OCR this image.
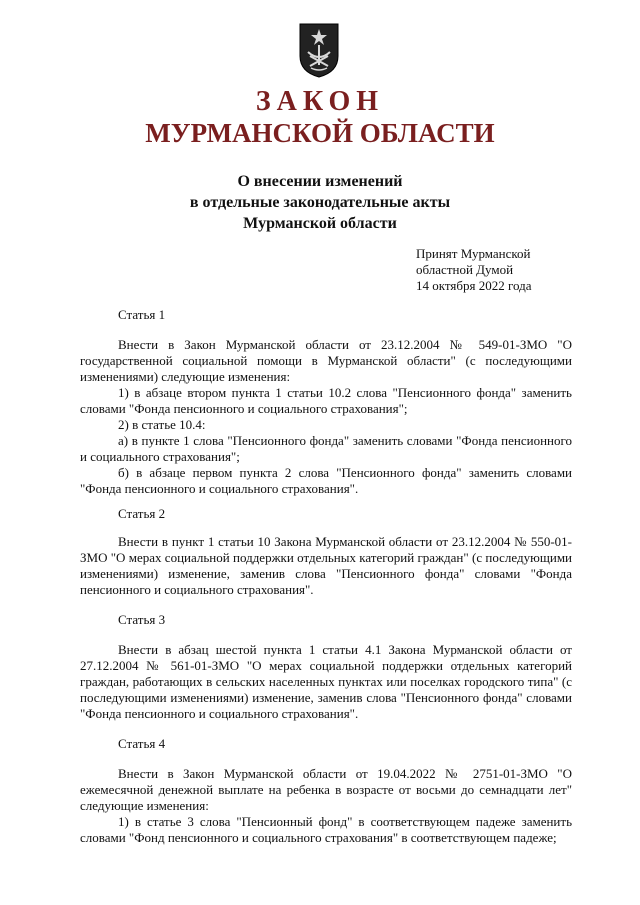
ЗАКОН
МУРМАНСКОЙ ОБЛАСТИ
О внесении изменений
в отдельные законодательные акты
Мурманской области
Принят Мурманской
областной Думой
14 октября 2022 года
Статья 1

Внести в Закон Мурманской области от 23.12.2004 № 549-01-ЗМО "О государственной социальной помощи в Мурманской области" (с последующими изменениями) следующие изменения:

1) в абзаце втором пункта 1 статьи 10.2 слова "Пенсионного фонда" заменить словами "Фонда пенсионного и социального страхования";

2) в статье 10.4:

а) в пункте 1 слова "Пенсионного фонда" заменить словами "Фонда пенсионного и социального страхования";

б) в абзаце первом пункта 2 слова "Пенсионного фонда" заменить словами "Фонда пенсионного и социального страхования".

Статья 2

Внести в пункт 1 статьи 10 Закона Мурманской области от 23.12.2004 № 550-01-ЗМО "О мерах социальной поддержки отдельных категорий граждан" (с последующими изменениями) изменение, заменив слова "Пенсионного фонда" словами "Фонда пенсионного и социального страхования".

Статья 3

Внести в абзац шестой пункта 1 статьи 4.1 Закона Мурманской области от 27.12.2004 № 561-01-ЗМО "О мерах социальной поддержки отдельных категорий граждан, работающих в сельских населенных пунктах или поселках городского типа" (с последующими изменениями) изменение, заменив слова "Пенсионного фонда" словами "Фонда пенсионного и социального страхования".

Статья 4

Внести в Закон Мурманской области от 19.04.2022 № 2751-01-ЗМО "О ежемесячной денежной выплате на ребенка в возрасте от восьми до семнадцати лет" следующие изменения:

1) в статье 3 слова "Пенсионный фонд" в соответствующем падеже заменить словами "Фонд пенсионного и социального страхования" в соответствующем падеже;
